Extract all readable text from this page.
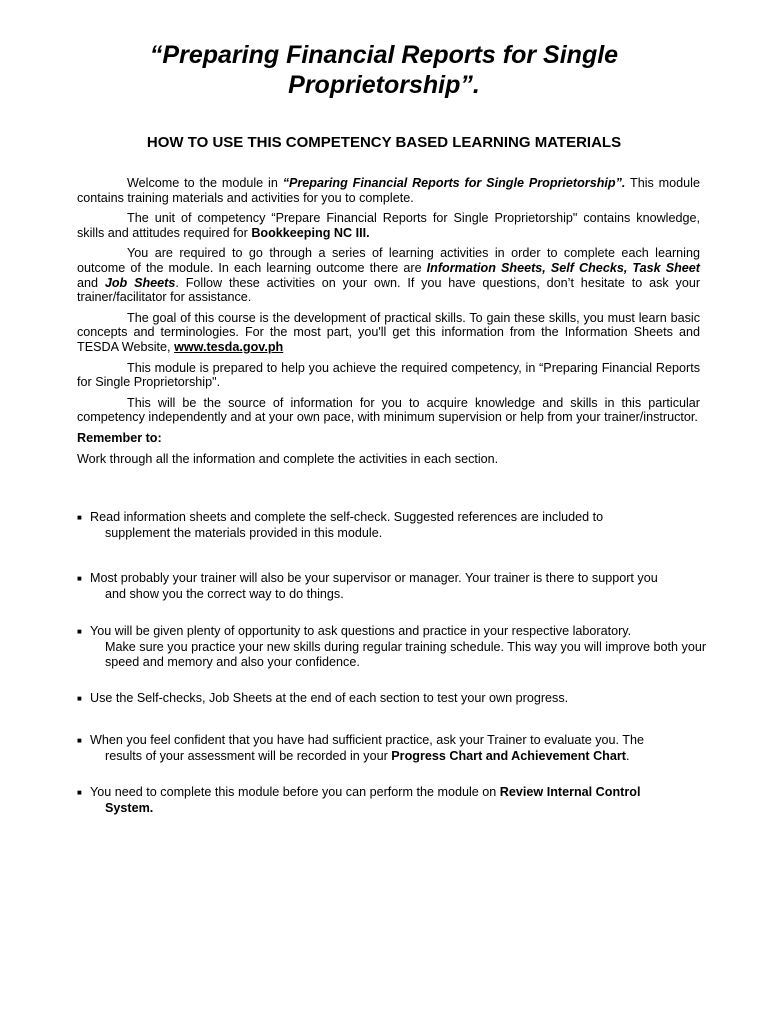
“Preparing Financial Reports for Single Proprietorship”.
HOW TO USE THIS COMPETENCY BASED LEARNING MATERIALS

Welcome to the module in “Preparing Financial Reports for Single Proprietorship”. This module contains training materials and activities for you to complete.

The unit of competency “Prepare Financial Reports for Single Proprietorship" contains knowledge, skills and attitudes required for Bookkeeping NC III.

You are required to go through a series of learning activities in order to complete each learning outcome of the module. In each learning outcome there are Information Sheets, Self Checks, Task Sheet and Job Sheets. Follow these activities on your own. If you have questions, don’t hesitate to ask your trainer/facilitator for assistance.

The goal of this course is the development of practical skills. To gain these skills, you must learn basic concepts and terminologies. For the most part, you'll get this information from the Information Sheets and TESDA Website, www.tesda.gov.ph

This module is prepared to help you achieve the required competency, in “Preparing Financial Reports for Single Proprietorship".

This will be the source of information for you to acquire knowledge and skills in this particular competency independently and at your own pace, with minimum supervision or help from your trainer/instructor.

Remember to:

Work through all the information and complete the activities in each section.

■ Read information sheets and complete the self-check. Suggested references are included to
supplement the materials provided in this module.
■ Most probably your trainer will also be your supervisor or manager. Your trainer is there to support you
and show you the correct way to do things.
■ You will be given plenty of opportunity to ask questions and practice in your respective laboratory.
Make sure you practice your new skills during regular training schedule. This way you will improve both your speed and memory and also your confidence.
■ Use the Self-checks, Job Sheets at the end of each section to test your own progress.
■ When you feel confident that you have had sufficient practice, ask your Trainer to evaluate you. The
results of your assessment will be recorded in your Progress Chart and Achievement Chart.
■ You need to complete this module before you can perform the module on Review Internal Control
System.
